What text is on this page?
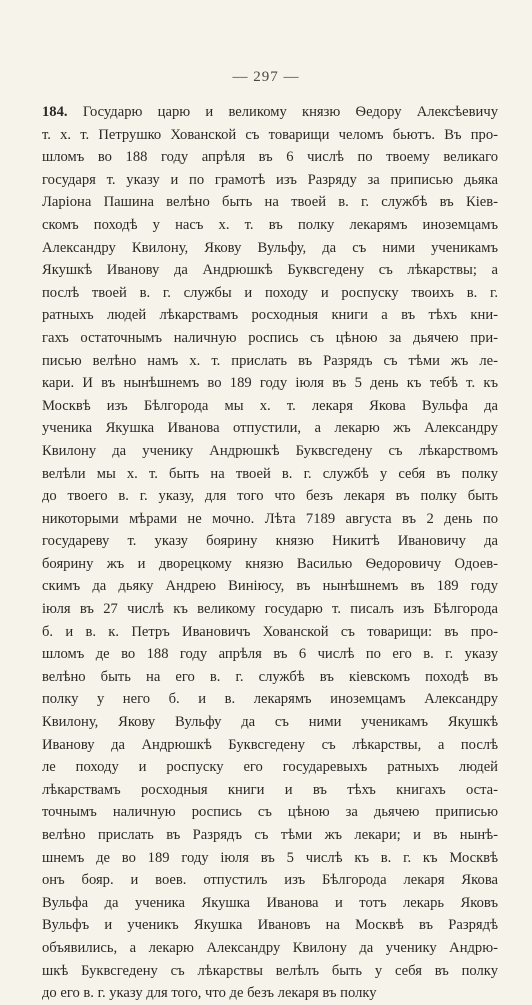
— 297 —
184. Государю царю и великому князю Ѳедору Алексѣевичу
т. х. т. Петрушко Хованской съ товарищи челомъ бьютъ. Въ про-
шломъ во 188 году апрѣля въ 6 числѣ по твоему великаго
государя т. указу и по грамотѣ изъ Разряду за приписью дьяка
Ларіона Пашина велѣно быть на твоей в. г. службѣ въ Кіев-
скомъ походѣ у насъ х. т. въ полку лекарямъ иноземцамъ
Александру Квилону, Якову Вульфу, да съ ними ученикамъ
Якушкѣ Иванову да Андрюшкѣ Буквсгедену съ лѣкарствы; а
послѣ твоей в. г. службы и походу и роспуску твоихъ в. г.
ратныхъ людей лѣкарствамъ росходныя книги а въ тѣхъ кни-
гахъ остаточнымъ наличную роспись съ цѣною за дьячею при-
писью велѣно намъ х. т. прислать въ Разрядъ съ тѣми жъ ле-
кари. И въ нынѣшнемъ во 189 году іюля въ 5 день къ тебѣ т. къ
Москвѣ изъ Бѣлгорода мы х. т. лекаря Якова Вульфа да
ученика Якушка Иванова отпустили, а лекарю жъ Александру
Квилону да ученику Андрюшкѣ Буквсгедену съ лѣкарствомъ
велѣли мы х. т. быть на твоей в. г. службѣ у себя въ полку
до твоего в. г. указу, для того что безъ лекаря въ полку быть
никоторыми мѣрами не мочно. Лѣта 7189 августа въ 2 день по
государеву т. указу боярину князю Никитѣ Ивановичу да
боярину жъ и дворецкому князю Василью Ѳедоровичу Одоев-
скимъ да дьяку Андрею Виніюсу, въ нынѣшнемъ въ 189 году
іюля въ 27 числѣ къ великому государю т. писалъ изъ Бѣлгорода
б. и в. к. Петръ Ивановичъ Хованской съ товарищи: въ про-
шломъ де во 188 году апрѣля въ 6 числѣ по его в. г. указу
велѣно быть на его в. г. службѣ въ кіевскомъ походѣ въ
полку у него б. и в. лекарямъ иноземцамъ Александру
Квилону, Якову Вульфу да съ ними ученикамъ Якушкѣ
Иванову да Андрюшкѣ Буквсгедену съ лѣкарствы, а послѣ
ле походу и роспуску его государевыхъ ратныхъ людей
лѣкарствамъ росходныя книги и въ тѣхъ книгахъ оста-
точнымъ наличную роспись съ цѣною за дьячею приписью
велѣно прислать въ Разрядъ съ тѣми жъ лекари; и въ нынѣ-
шнемъ де во 189 году іюля въ 5 числѣ къ в. г. къ Москвѣ
онъ бояр. и воев. отпустилъ изъ Бѣлгорода лекаря Якова
Вульфа да ученика Якушка Иванова и тотъ лекарь Яковъ
Вульфъ и ученикъ Якушка Ивановъ на Москвѣ въ Разрядѣ
объявились, а лекарю Александру Квилону да ученику Андрю-
шкѣ Буквсгедену съ лѣкарствы велѣлъ быть у себя въ полку
до его в. г. указу для того, что де безъ лекаря въ полку
